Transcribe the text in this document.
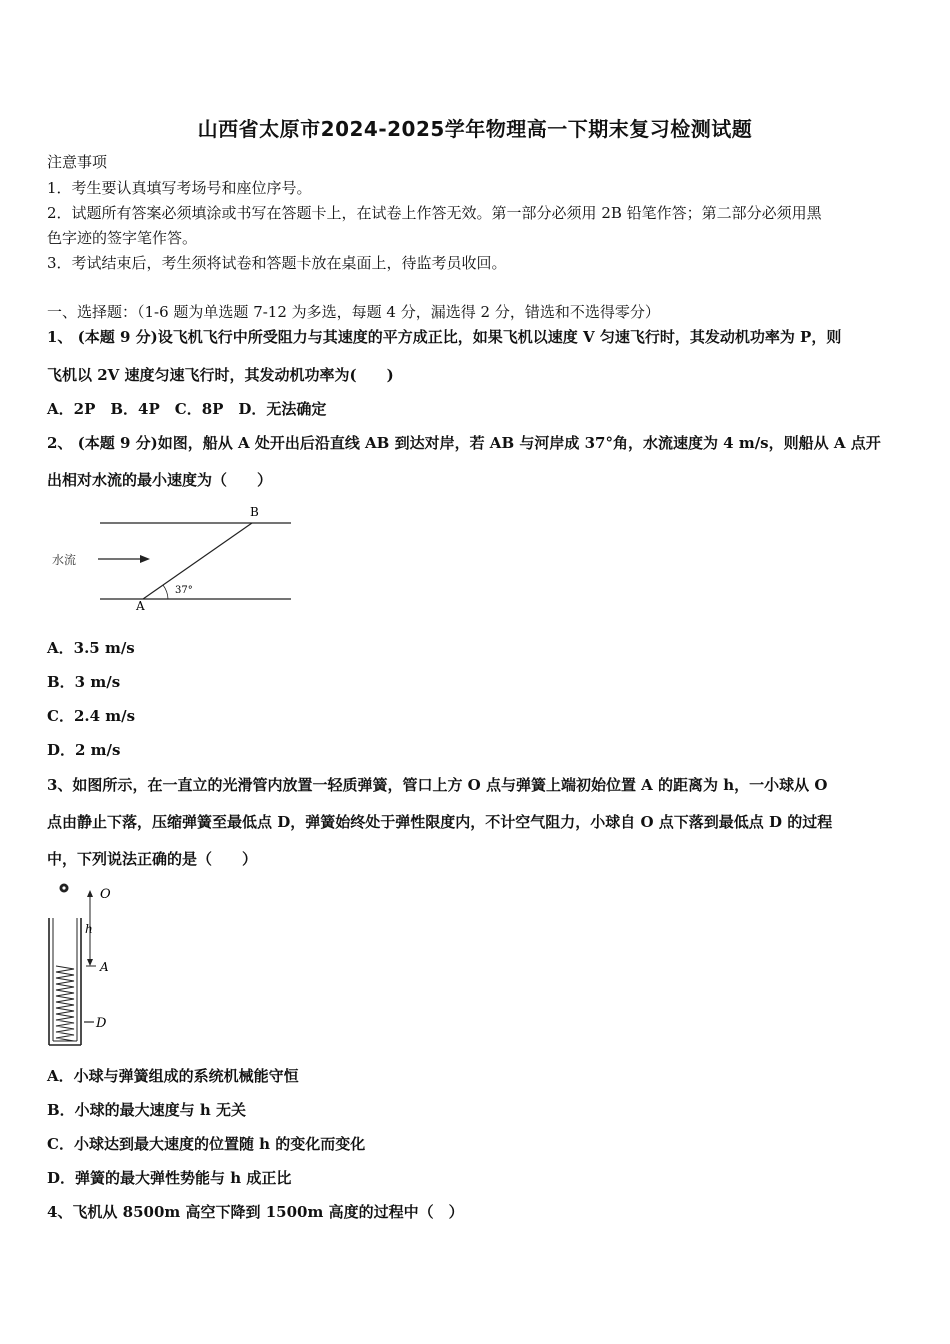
山西省太原市2024-2025学年物理高一下期末复习检测试题
注意事项
1．考生要认真填写考场号和座位序号。
2．试题所有答案必须填涂或书写在答题卡上，在试卷上作答无效。第一部分必须用 2B 铅笔作答；第二部分必须用黑
色字迹的签字笔作答。
3．考试结束后，考生须将试卷和答题卡放在桌面上，待监考员收回。
一、选择题：（1-6 题为单选题 7-12 为多选，每题 4 分，漏选得 2 分，错选和不选得零分）
1、 (本题 9 分)设飞机飞行中所受阻力与其速度的平方成正比，如果飞机以速度 V 匀速飞行时，其发动机功率为 P，则
飞机以 2V 速度匀速飞行时，其发动机功率为(　　)
A．2P　B．4P　C．8P　D．无法确定
2、 (本题 9 分)如图，船从 A 处开出后沿直线 AB 到达对岸，若 AB 与河岸成 37°角，水流速度为 4 m/s，则船从 A 点开
出相对水流的最小速度为（　　）
B
A
水流
37°
A．3.5 m/s
B．3 m/s
C．2.4 m/s
D．2 m/s
3、如图所示，在一直立的光滑管内放置一轻质弹簧，管口上方 O 点与弹簧上端初始位置 A 的距离为 h，一小球从 O
点由静止下落，压缩弹簧至最低点 D，弹簧始终处于弹性限度内，不计空气阻力，小球自 O 点下落到最低点 D 的过程
中，下列说法正确的是（　　）
O
h
A
D
A．小球与弹簧组成的系统机械能守恒
B．小球的最大速度与 h 无关
C．小球达到最大速度的位置随 h 的变化而变化
D．弹簧的最大弹性势能与 h 成正比
4、飞机从 8500m 高空下降到 1500m 高度的过程中（　）
